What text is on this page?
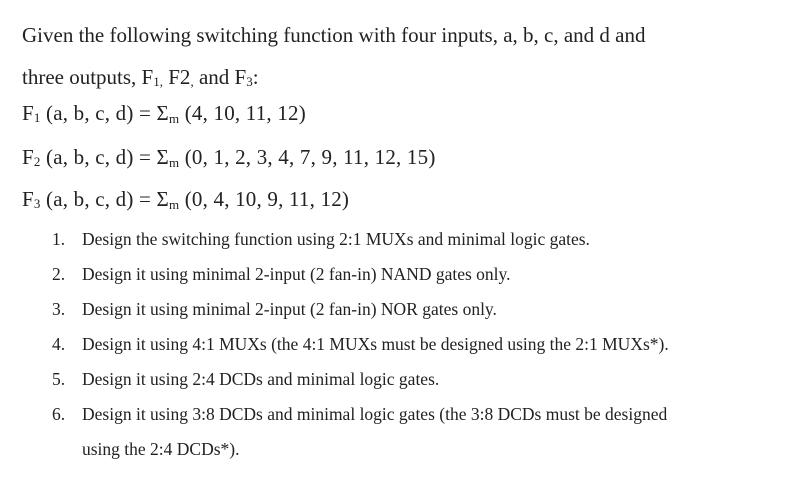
Given the following switching function with four inputs, a, b, c, and d and
three outputs, $F_{1,}$ $F2_,$ and $F_3$:

$F_1$ (a, b, c, $d) = \Sigma_m$ (4, 10, 11, 12)

$F_2$ (a, b, c, $d) = \Sigma_m$ (0, 1, 2, 3, 4, 7, 9, 11, 12, 15)

$F_3$ (a, b, c, $d) = \Sigma_m$ (0, 4, 10, 9, 11, 12)

1. Design the switching function using 2:1 MUXs and minimal logic gates.
2. Design it using minimal 2-input (2 fan-in) NAND gates only.
3. Design it using minimal 2-input (2 fan-in) NOR gates only.
4. Design it using 4:1 MUXs (the 4:1 MUXs must be designed using the 2:1 MUXs*).
5. Design it using 2:4 DCDs and minimal logic gates.
6. Design it using 3:8 DCDs and minimal logic gates (the 3:8 DCDs must be designed using the 2:4 DCDs*).
